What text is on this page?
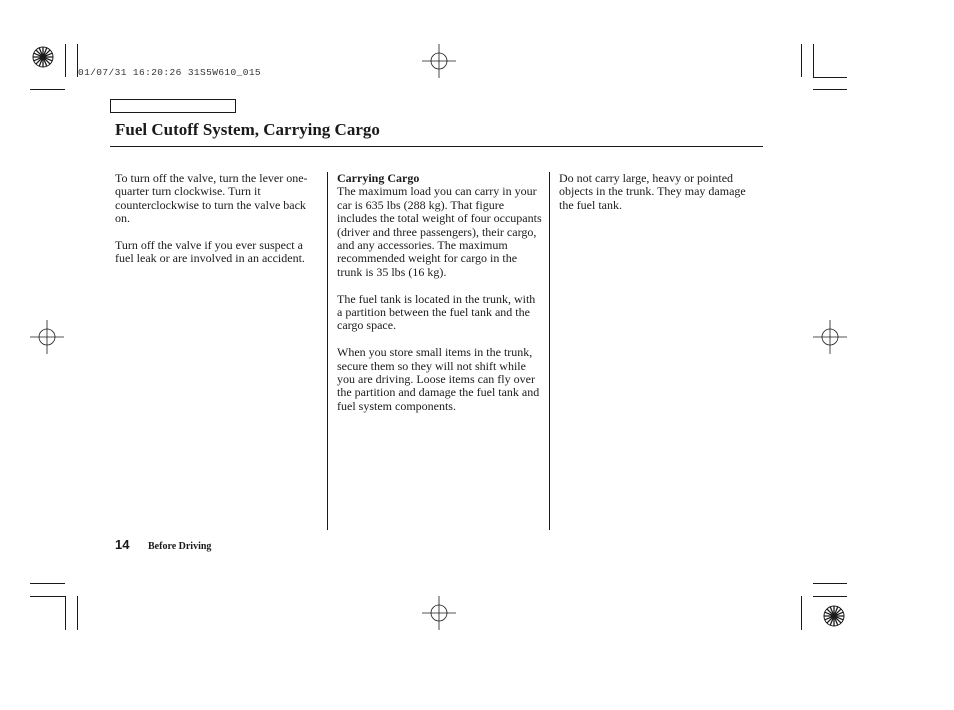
01/07/31 16:20:26 31S5W610_015
Fuel Cutoff System, Carrying Cargo

To turn off the valve, turn the lever one-quarter turn clockwise. Turn it counterclockwise to turn the valve back on.

Turn off the valve if you ever suspect a fuel leak or are involved in an accident.

Carrying Cargo

The maximum load you can carry in your car is 635 lbs (288 kg). That figure includes the total weight of four occupants (driver and three passengers), their cargo, and any accessories. The maximum recommended weight for cargo in the trunk is 35 lbs (16 kg).

The fuel tank is located in the trunk, with a partition between the fuel tank and the cargo space.

When you store small items in the trunk, secure them so they will not shift while you are driving. Loose items can fly over the partition and damage the fuel tank and fuel system components.

Do not carry large, heavy or pointed objects in the trunk. They may damage the fuel tank.

14 Before Driving
